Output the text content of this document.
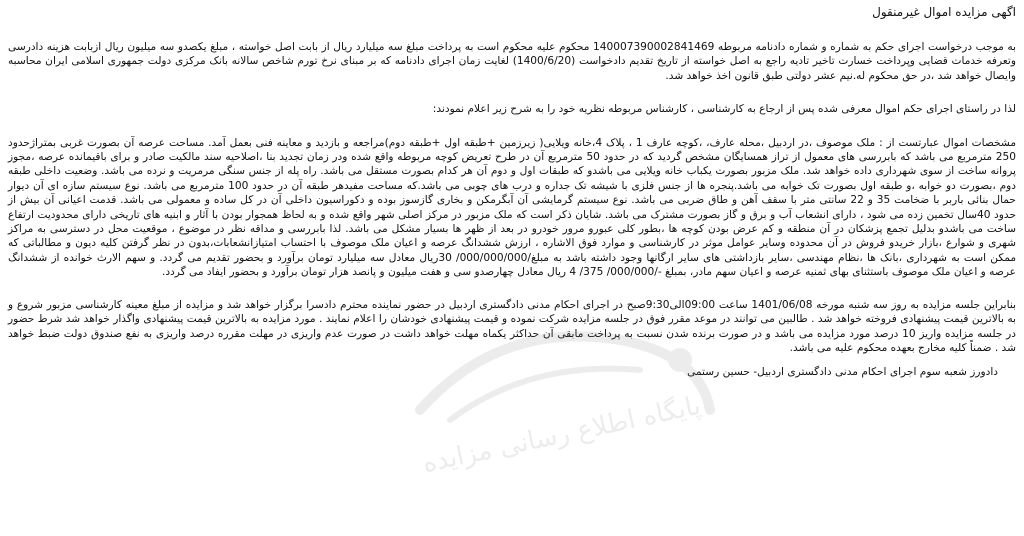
اگهی مزایده اموال غیرمنقول

به موجب درخواست اجرای حکم به شماره و شماره دادنامه مربوطه 140007390002841469 محکوم علیه محکوم است به پرداخت مبلغ سه میلیارد ریال از بابت اصل خواسته ، مبلغ یکصدو سه میلیون ریال ازبابت هزینه دادرسی وتعرفه خدمات قضایی وپرداخت خسارت تاخیر تادیه راجع به اصل خواسته از تاریخ تقدیم دادخواست (1400/6/20) لغایت زمان اجرای دادنامه که بر مبنای نرخ تورم شاخص سالانه بانک مرکزی دولت جمهوری اسلامی ایران محاسبه وایصال خواهد شد ،در حق محکوم له.نیم عشر دولتی طبق قانون اخذ خواهد شد.

لذا در راستای اجرای حکم اموال معرفی شده پس از ارجاع به کارشناسی ، کارشناس مربوطه نظریه خود را به شرح زیر اعلام نمودند:

مشخصات اموال عبارتست از : ملک موصوف ،در اردبیل ،محله عارف، ،کوچه عارف 1 ، پلاک 4،خانه ویلایی( زیرزمین +طبقه اول +طبقه دوم)مراجعه و بازدید و معاینه فنی بعمل آمد. مساحت عرصه آن بصورت غربی بمتراژحدود 250 مترمربع می باشد که بابررسی های معمول از تراز همسایگان مشخص گردید که در حدود 50 مترمربع آن در طرح تعریض کوچه مربوطه واقع شده ودر زمان تجدید بنا ،اصلاحیه سند مالکیت صادر و برای باقیمانده عرصه ،مجوز پروانه ساخت از سوی شهرداری داده خواهد شد. ملک مزبور بصورت یکباب خانه ویلایی می باشدو که طبقات اول و دوم آن هر کدام بصورت مستقل می باشد. راه پله از جنس سنگی مرمریت و نرده می باشد. وضعیت داخلی طبقه دوم ،بصورت دو خوابه ،و طبقه اول بصورت تک خوابه می باشد.پنجره ها از جنس فلزی با شیشه تک جداره و درب های چوبی می باشد.که مساحت مفیدهر طبقه آن در حدود 100 مترمربع می باشد. نوع سیستم سازه ای آن دیوار حمال بنائی باربر با ضخامت 35 و 22 سانتی متر با سقف آهن و طاق ضربی می باشد. نوع سیستم گرمایشی آن آبگرمکن و بخاری گازسوز بوده و دکوراسیون داخلی آن در کل ساده و معمولی می باشد. قدمت اعیانی آن بیش از حدود 40سال تخمین زده می شود ، دارای انشعاب آب و برق و گاز بصورت مشترک می باشد. شایان ذکر است که ملک مزبور در مرکز اصلی شهر واقع شده و به لحاظ همجوار بودن با آثار و ابنیه های تاریخی دارای محدودیت ارتفاع ساخت می باشدو بدلیل تجمع پزشکان در آن منطقه و کم عرض بودن کوچه ها ،بطور کلی عبورو مرور خودرو در بعد از ظهر ها بسیار مشکل می باشد. لذا بابررسی و مداقه نظر در موضوع ، موقعیت محل در دسترسی به مراکز شهری و شوارع ،بازار خریدو فروش در آن محدوده وسایر عوامل موثر در کارشناسی و موارد فوق الاشاره ، ارزش ششدانگ عرصه و اعیان ملک موصوف با احتساب امتیازانشعابات،بدون در نظر گرفتن کلیه دیون و مطالباتی که ممکن است به شهرداری ،بانک ها ،نظام مهندسی ،سایر بازداشتی های سایر ارگانها وجود داشته باشد به مبلغ/000/000/000/ 30ریال معادل سه میلیارد تومان برآورد و بحضور تقدیم می گردد. و سهم الارث خوانده از ششدانگ عرصه و اعیان ملک موصوف باستثنای بهای ثمنیه عرصه و اعیان سهم مادر، بمبلغ -/000/000/ 375/ 4 ریال معادل چهارصدو سی و هفت میلیون و پانصد هزار تومان برآورد و بحضور ایفاد می گردد.

بنابراین جلسه مزایده به روز سه شنبه مورخه 1401/06/08 ساعت 09:00الی9:30صبح در اجرای احکام مدنی دادگستری اردبیل در حضور نماینده محترم دادسرا برگزار خواهد شد و مزایده از مبلغ معینه کارشناسی مزبور شروع و به بالاترین قیمت پیشنهادی فروخته خواهد شد . طالبین می توانند در موعد مقرر فوق در جلسه مزایده شرکت نموده و قیمت پیشنهادی خودشان را اعلام نمایند . مورد مزایده به بالاترین قیمت پیشنهادی واگذار خواهد شد شرط حضور در جلسه مزایده واریز 10 درصد مورد مزایده می باشد و در صورت برنده شدن نسبت به پرداخت مابقی آن حداکثر یکماه مهلت خواهد داشت در صورت عدم واریزی در مهلت مقرره درصد واریزی به نفع صندوق دولت ضبط خواهد شد . ضمناً کلیه مخارج بعهده محکوم علیه می باشد.

دادورز شعبه سوم اجرای احکام مدنی دادگستری اردبیل- حسین رستمی

پایگاه اطلاع رسانی مزایده
